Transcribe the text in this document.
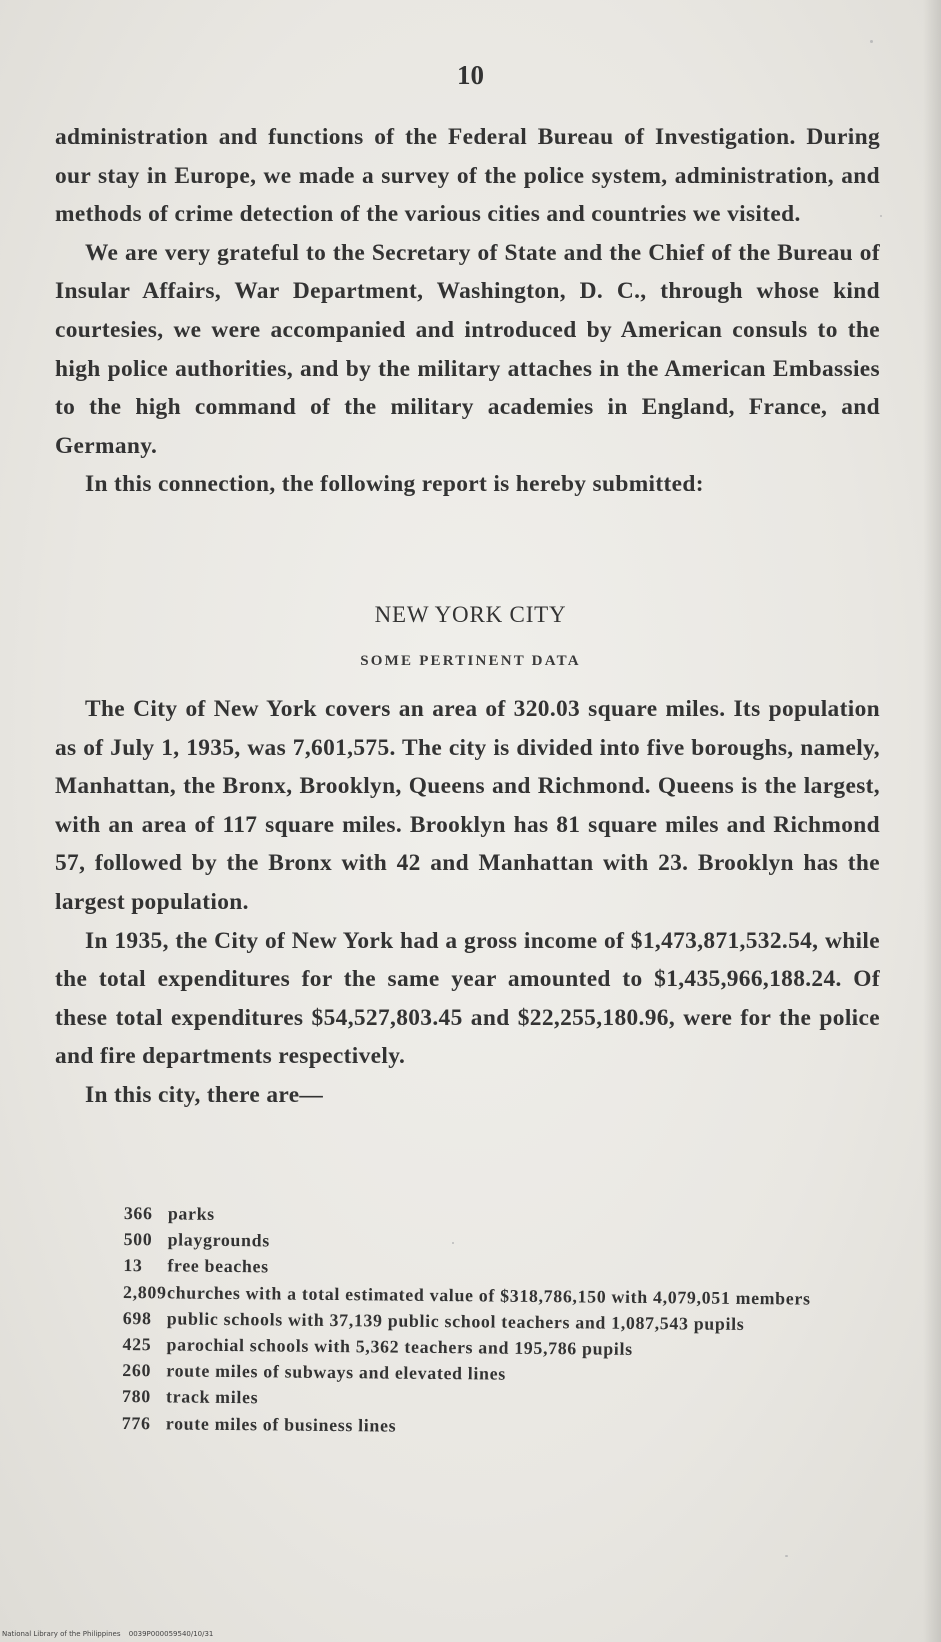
10

administration and functions of the Federal Bureau of Investigation. During our stay in Europe, we made a survey of the police system, administration, and methods of crime detection of the various cities and countries we visited.

We are very grateful to the Secretary of State and the Chief of the Bureau of Insular Affairs, War Department, Washington, D. C., through whose kind courtesies, we were accompanied and introduced by American consuls to the high police authorities, and by the military attaches in the American Embassies to the high command of the military academies in England, France, and Germany.

In this connection, the following report is hereby submitted:

NEW YORK CITY
SOME PERTINENT DATA

The City of New York covers an area of 320.03 square miles. Its population as of July 1, 1935, was 7,601,575. The city is divided into five boroughs, namely, Manhattan, the Bronx, Brooklyn, Queens and Richmond. Queens is the largest, with an area of 117 square miles. Brooklyn has 81 square miles and Richmond 57, followed by the Bronx with 42 and Manhattan with 23. Brooklyn has the largest population.

In 1935, the City of New York had a gross income of $1,473,871,532.54, while the total expenditures for the same year amounted to $1,435,966,188.24. Of these total expenditures $54,527,803.45 and $22,255,180.96, were for the police and fire departments respectively.

In this city, there are—

366 parks
500 playgrounds
13 free beaches
2,809churches with a total estimated value of $318,786,150 with 4,079,051 members
698 public schools with 37,139 public school teachers and 1,087,543 pupils
425 parochial schools with 5,362 teachers and 195,786 pupils
260 route miles of subways and elevated lines
780 track miles
776 route miles of business lines
National Library of the Philippines 0039P000059540/10/31
